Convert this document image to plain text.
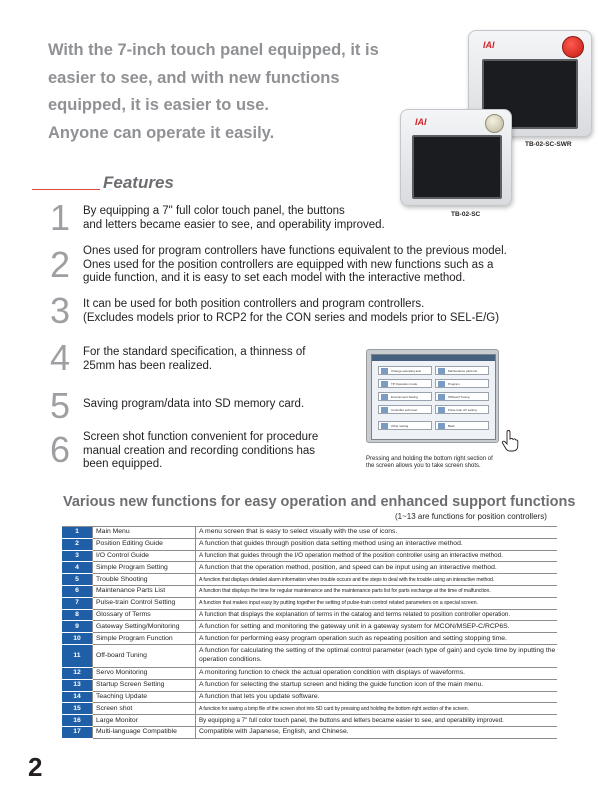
With the 7-inch touch panel equipped, it is
easier to see, and with new functions
equipped, it is easier to use.
Anyone can operate it easily.
IAI
TB-02-SC-SWR
IAI
TB-02-SC
Features
1 By equipping a 7" full color touch panel, the buttons
and letters became easier to see, and operability improved.
2 Ones used for program controllers have functions equivalent to the previous model.
Ones used for the position controllers are equipped with new functions such as a
guide function, and it is easy to set each model with the interactive method.
3 It can be used for both position controllers and program controllers.
(Excludes models prior to RCP2 for the CON series and models prior to SEL-E/G)
4 For the standard specification, a thinness of
25mm has been realized.
5 Saving program/data into SD memory card.
6 Screen shot function convenient for procedure
manual creation and recording conditions has
been equipped.
Change operating axis
TP Operation mode
Environment Setting
Controller soft reset
Other setting
Maintenance parts list
Program
Offboard Tuning
Pulse train ctrl setting
Back
Pressing and holding the bottom right section of
the screen allows you to take screen shots.
Various new functions for easy operation and enhanced support functions
(1~13 are functions for position controllers)
1	Main Menu	A menu screen that is easy to select visually with the use of icons.
2	Position Editing Guide	A function that guides through position data setting method using an interactive method.
3	I/O Control Guide	A function that guides through the I/O operation method of the position controller using an interactive method.
4	Simple Program Setting	A function that the operation method, position, and speed can be input using an interactive method.
5	Trouble Shooting	A function that displays detailed alarm information when trouble occurs and the steps to deal with the trouble using an interactive method.
6	Maintenance Parts List	A function that displays the time for regular maintenance and the maintenance parts list for parts exchange at the time of malfunction.
7	Pulse-train Control Setting	A function that makes input easy by putting together the setting of pulse-train control related parameters on a special screen.
8	Glossary of Terms	A function that displays the explanation of terms in the catalog and terms related to position controller operation.
9	Gateway Setting/Monitoring	A function for setting and monitoring the gateway unit in a gateway system for MCON/MSEP-C/RCP6S.
10	Simple Program Function	A function for performing easy program operation such as repeating position and setting stopping time.
11	Off-board Tuning	A function for calculating the setting of the optimal control parameter (each type of gain) and cycle time by inputting the operation conditions.
12	Servo Monitoring	A monitoring function to check the actual operation condition with displays of waveforms.
13	Startup Screen Setting	A function for selecting the startup screen and hiding the guide function icon of the main menu.
14	Teaching Update	A function that lets you update software.
15	Screen shot	A function for saving a bmp file of the screen shot into SD card by pressing and holding the bottom right section of the screen.
16	Large Monitor	By equipping a 7" full color touch panel, the buttons and letters became easier to see, and operability improved.
17	Multi-language Compatible	Compatible with Japanese, English, and Chinese.
2
